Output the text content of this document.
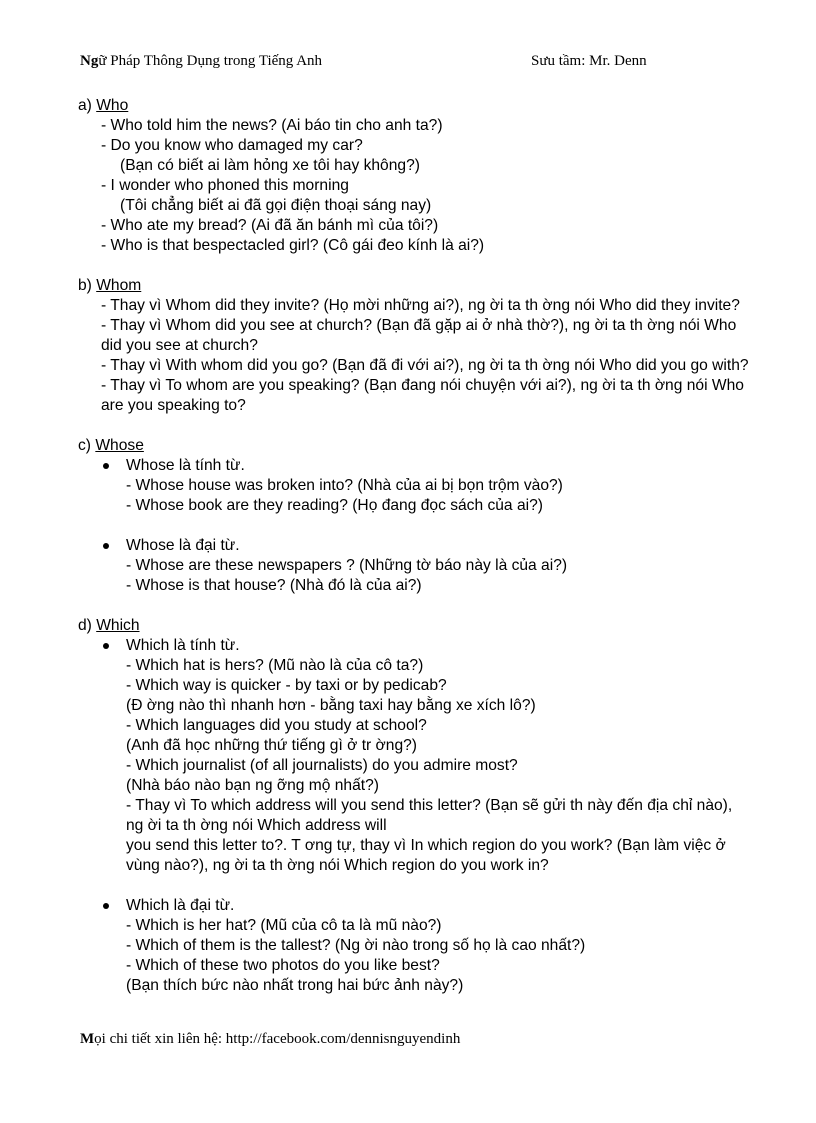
Ngữ Pháp Thông Dụng trong Tiếng Anh	Sưu tầm: Mr. Denn
a) Who
- Who told him the news? (Ai báo tin cho anh ta?)
- Do you know who damaged my car?
(Bạn có biết ai làm hỏng xe tôi hay không?)
- I wonder who phoned this morning
(Tôi chẳng biết ai đã gọi điện thoại sáng nay)
- Who ate my bread? (Ai đã ăn bánh mì của tôi?)
- Who is that bespectacled girl? (Cô gái đeo kính là ai?)
b) Whom
- Thay vì Whom did they invite? (Họ mời những ai?), ng ời ta th ờng nói Who did they invite?
- Thay vì Whom did you see at church? (Bạn đã gặp ai ở nhà thờ?), ng ời ta th ờng nói Who
did you see at church?
- Thay vì With whom did you go? (Bạn đã đi với ai?), ng ời ta th ờng nói Who did you go with?
- Thay vì To whom are you speaking? (Bạn đang nói chuyện với ai?), ng ời ta th ờng nói Who
are you speaking to?
c) Whose
Whose là tính từ.
- Whose house was broken into? (Nhà của ai bị bọn trộm vào?)
- Whose book are they reading? (Họ đang đọc sách của ai?)
Whose là đại từ.
- Whose are these newspapers ? (Những tờ báo này là của ai?)
- Whose is that house? (Nhà đó là của ai?)
d) Which
Which là tính từ.
- Which hat is hers? (Mũ nào là của cô ta?)
- Which way is quicker - by taxi or by pedicab?
(Đ ờng nào thì nhanh hơn - bằng taxi hay bằng xe xích lô?)
- Which languages did you study at school?
(Anh đã học những thứ tiếng gì ở tr ờng?)
- Which journalist (of all journalists) do you admire most?
(Nhà báo nào bạn ng ỡng mộ nhất?)
- Thay vì To which address will you send this letter? (Bạn sẽ gửi th này đến địa chỉ nào),
ng ời ta th ờng nói Which address will
you send this letter to?. T ơng tự, thay vì In which region do you work? (Bạn làm việc ở
vùng nào?), ng ời ta th ờng nói Which region do you work in?
Which là đại từ.
- Which is her hat? (Mũ của cô ta là mũ nào?)
- Which of them is the tallest? (Ng ời nào trong số họ là cao nhất?)
- Which of these two photos do you like best?
(Bạn thích bức nào nhất trong hai bức ảnh này?)
Mọi chi tiết xin liên hệ: http://facebook.com/dennisnguyendinh
